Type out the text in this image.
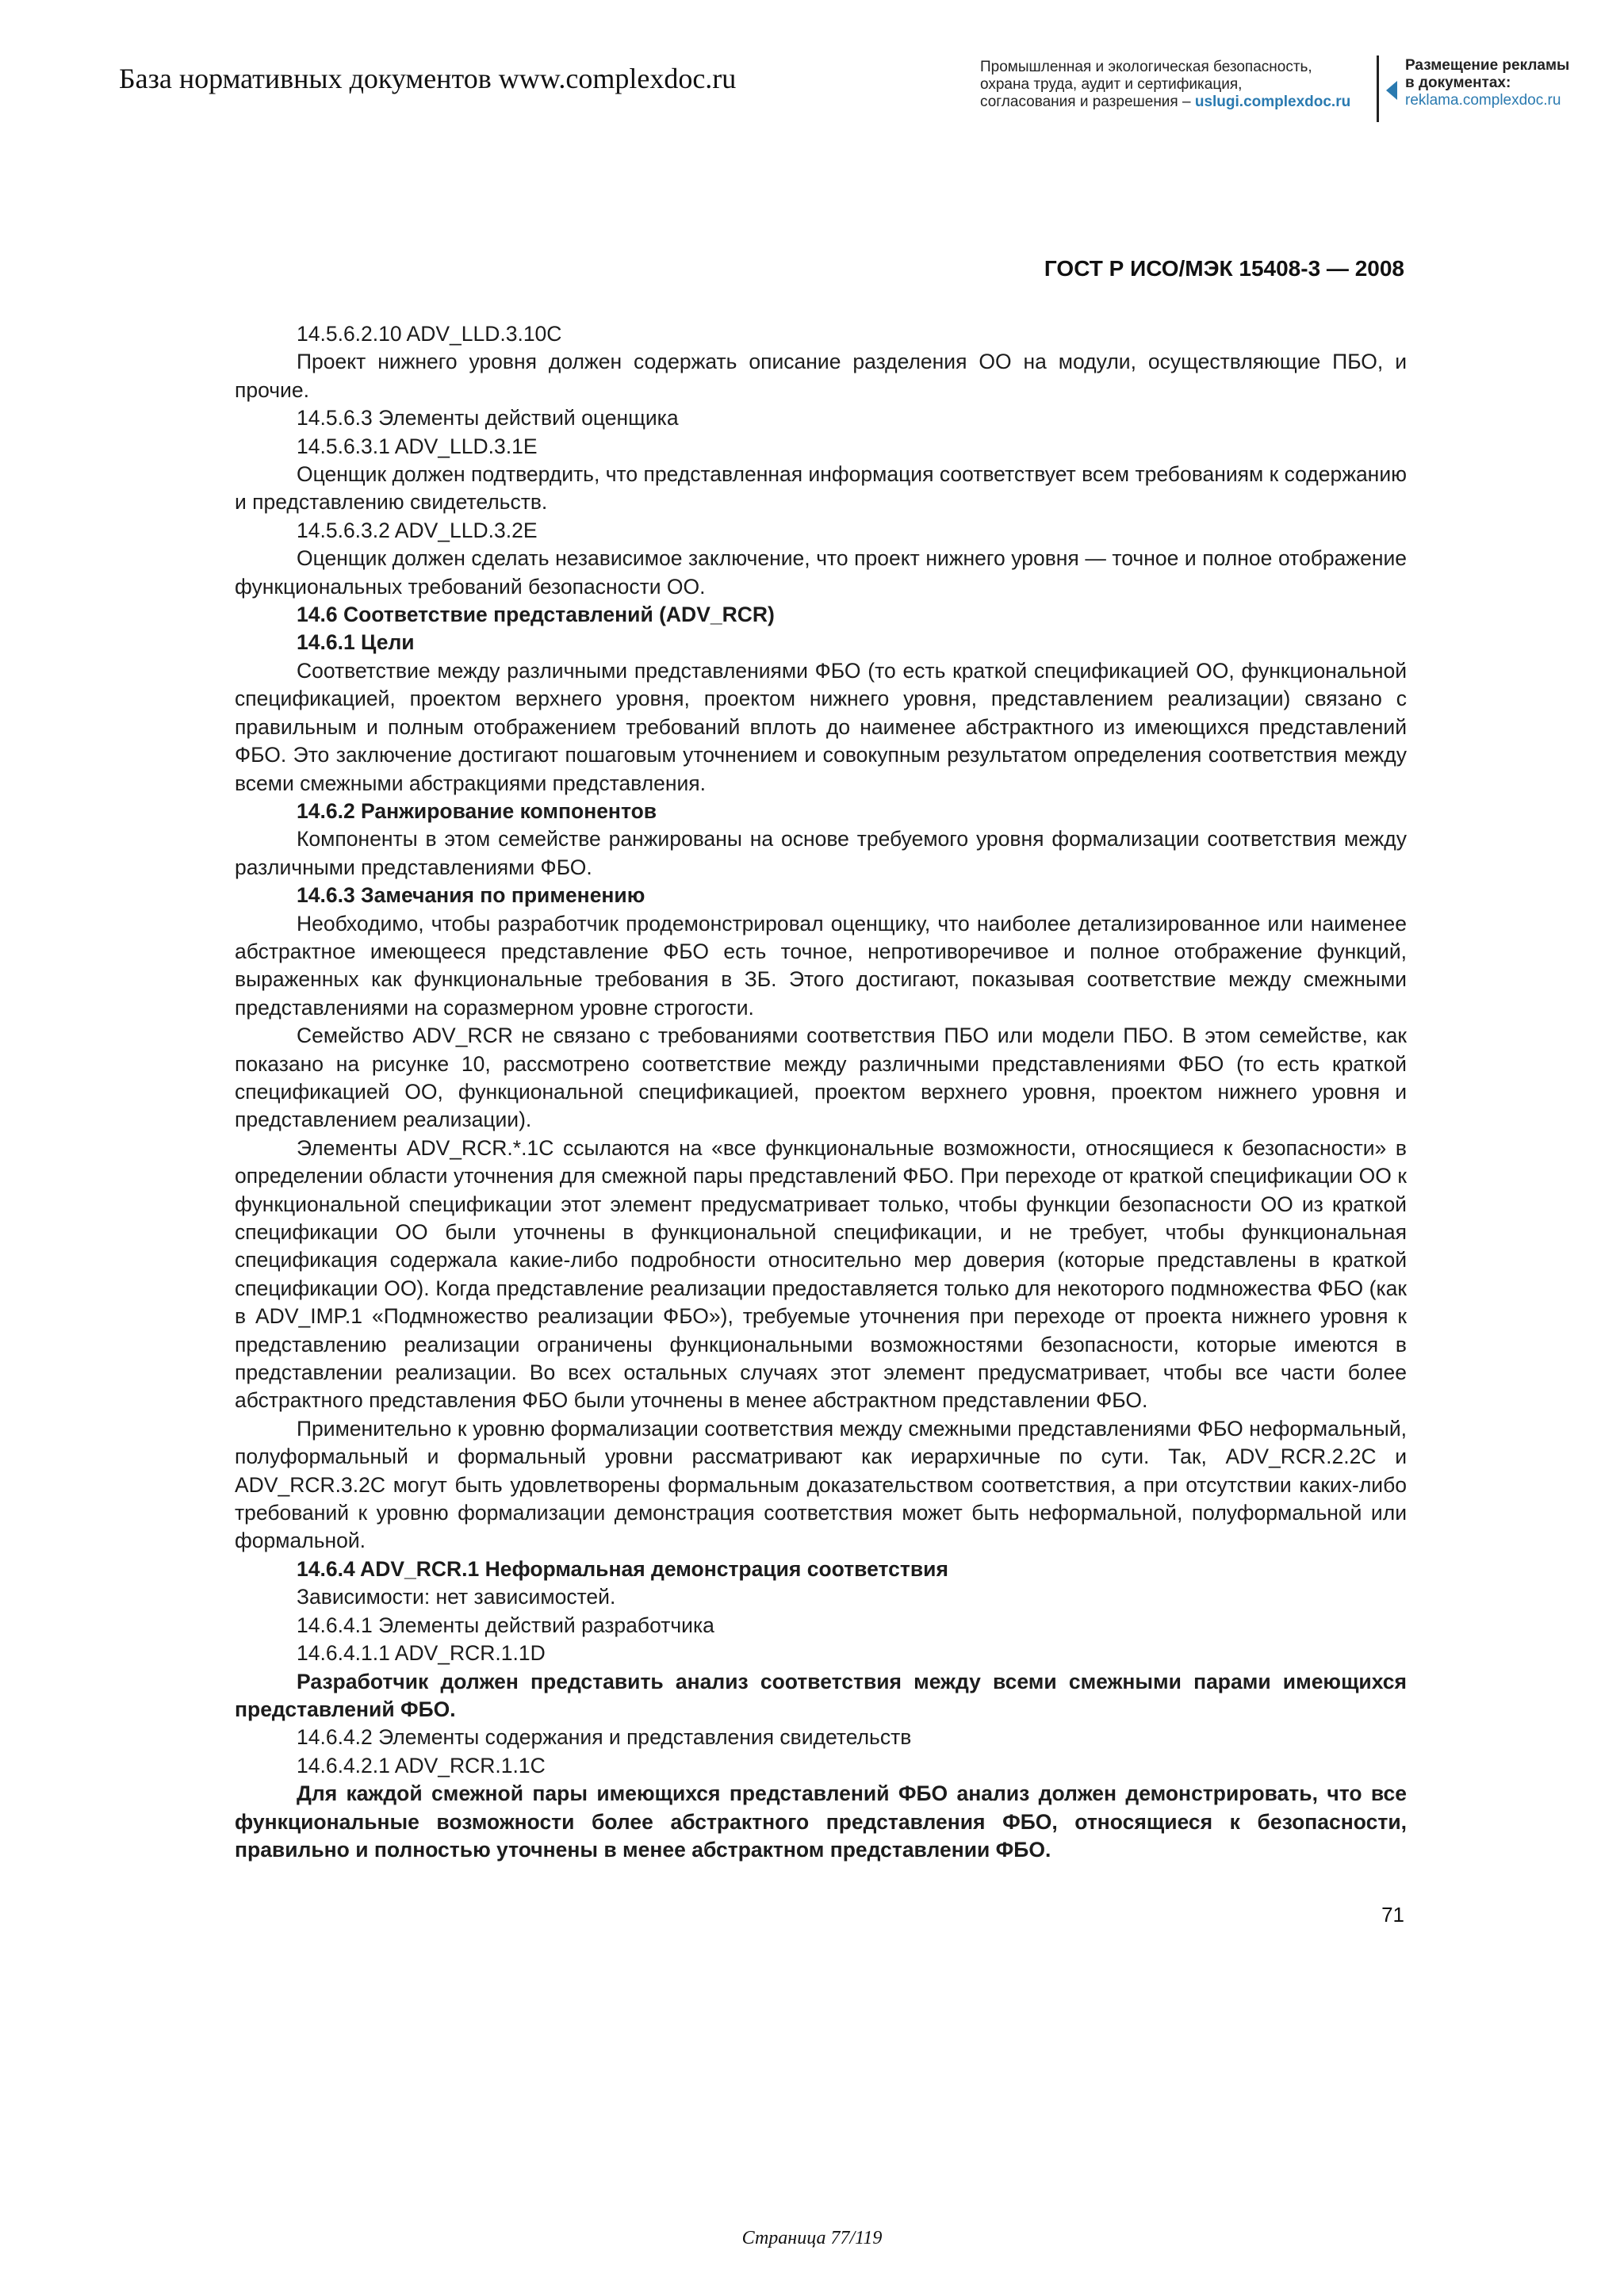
База нормативных документов www.complexdoc.ru	Промышленная и экологическая безопасность,
охрана труда, аудит и сертификация,
согласования и разрешения – uslugi.complexdoc.ru
Размещение рекламы
в документах:
reklama.complexdoc.ru
ГОСТ Р ИСО/МЭК 15408-3 — 2008

14.5.6.2.10 ADV_LLD.3.10C

Проект нижнего уровня должен содержать описание разделения ОО на модули, осуществляющие ПБО, и прочие.

14.5.6.3 Элементы действий оценщика

14.5.6.3.1 ADV_LLD.3.1E

Оценщик должен подтвердить, что представленная информация соответствует всем требованиям к содержанию и представлению свидетельств.

14.5.6.3.2 ADV_LLD.3.2E

Оценщик должен сделать независимое заключение, что проект нижнего уровня — точное и полное отображение функциональных требований безопасности ОО.

14.6 Соответствие представлений (ADV_RCR)

14.6.1 Цели

Соответствие между различными представлениями ФБО (то есть краткой спецификацией ОО, функциональной спецификацией, проектом верхнего уровня, проектом нижнего уровня, представлением реализации) связано с правильным и полным отображением требований вплоть до наименее абстрактного из имеющихся представлений ФБО. Это заключение достигают пошаговым уточнением и совокупным результатом определения соответствия между всеми смежными абстракциями представления.

14.6.2 Ранжирование компонентов

Компоненты в этом семействе ранжированы на основе требуемого уровня формализации соответствия между различными представлениями ФБО.

14.6.3 Замечания по применению

Необходимо, чтобы разработчик продемонстрировал оценщику, что наиболее детализированное или наименее абстрактное имеющееся представление ФБО есть точное, непротиворечивое и полное отображение функций, выраженных как функциональные требования в ЗБ. Этого достигают, показывая соответствие между смежными представлениями на соразмерном уровне строгости.

Семейство ADV_RCR не связано с требованиями соответствия ПБО или модели ПБО. В этом семействе, как показано на рисунке 10, рассмотрено соответствие между различными представлениями ФБО (то есть краткой спецификацией ОО, функциональной спецификацией, проектом верхнего уровня, проектом нижнего уровня и представлением реализации).

Элементы ADV_RCR.*.1C ссылаются на «все функциональные возможности, относящиеся к безопасности» в определении области уточнения для смежной пары представлений ФБО. При переходе от краткой спецификации ОО к функциональной спецификации этот элемент предусматривает только, чтобы функции безопасности ОО из краткой спецификации ОО были уточнены в функциональной спецификации, и не требует, чтобы функциональная спецификация содержала какие-либо подробности относительно мер доверия (которые представлены в краткой спецификации ОО). Когда представление реализации предоставляется только для некоторого подмножества ФБО (как в ADV_IMP.1 «Подмножество реализации ФБО»), требуемые уточнения при переходе от проекта нижнего уровня к представлению реализации ограничены функциональными возможностями безопасности, которые имеются в представлении реализации. Во всех остальных случаях этот элемент предусматривает, чтобы все части более абстрактного представления ФБО были уточнены в менее абстрактном представлении ФБО.

Применительно к уровню формализации соответствия между смежными представлениями ФБО неформальный, полуформальный и формальный уровни рассматривают как иерархичные по сути. Так, ADV_RCR.2.2C и ADV_RCR.3.2C могут быть удовлетворены формальным доказательством соответствия, а при отсутствии каких-либо требований к уровню формализации демонстрация соответствия может быть неформальной, полуформальной или формальной.

14.6.4 ADV_RCR.1 Неформальная демонстрация соответствия

Зависимости: нет зависимостей.

14.6.4.1 Элементы действий разработчика

14.6.4.1.1 ADV_RCR.1.1D

Разработчик должен представить анализ соответствия между всеми смежными парами имеющихся представлений ФБО.

14.6.4.2 Элементы содержания и представления свидетельств

14.6.4.2.1 ADV_RCR.1.1C

Для каждой смежной пары имеющихся представлений ФБО анализ должен демонстрировать, что все функциональные возможности более абстрактного представления ФБО, относящиеся к безопасности, правильно и полностью уточнены в менее абстрактном представлении ФБО.

71
Страница 77/119
